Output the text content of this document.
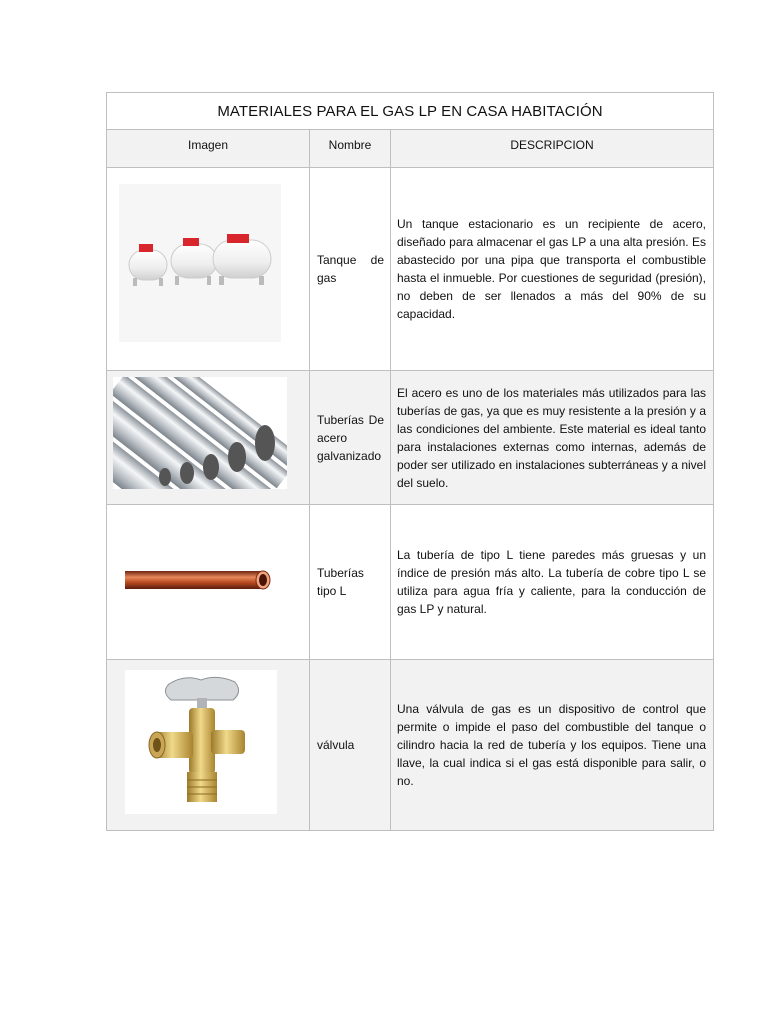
MATERIALES PARA EL GAS LP EN CASA HABITACIÓN		

Imagen	Nombre	DESCRIPCION

	Tanque de gas	Un tanque estacionario es un recipiente de acero, diseñado para almacenar el gas LP a una alta presión. Es abastecido por una pipa que transporta el combustible hasta el inmueble. Por cuestiones de seguridad (presión), no deben de ser llenados a más del 90% de su capacidad.

	Tuberías De acero galvanizado	El acero es uno de los materiales más utilizados para las tuberías de gas, ya que es muy resistente a la presión y a las condiciones del ambiente. Este material es ideal tanto para instalaciones externas como internas, además de poder ser utilizado en instalaciones subterráneas y a nivel del suelo.

	Tuberías tipo L	La tubería de tipo L tiene paredes más gruesas y un índice de presión más alto. La tubería de cobre tipo L se utiliza para agua fría y caliente, para la conducción de gas LP y natural.

	válvula	Una válvula de gas es un dispositivo de control que permite o impide el paso del combustible del tanque o cilindro hacia la red de tubería y los equipos. Tiene una llave, la cual indica si el gas está disponible para salir, o no.
